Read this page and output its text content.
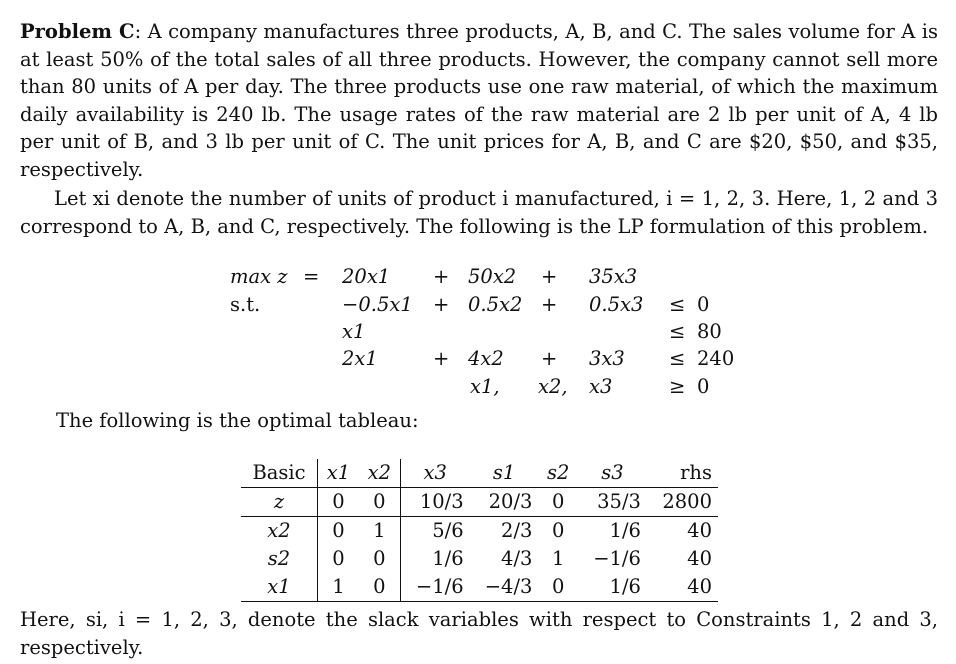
Problem C: A company manufactures three products, A, B, and C. The sales volume for A is at least 50% of the total sales of all three products. However, the company cannot sell more than 80 units of A per day. The three products use one raw material, of which the maximum daily availability is 240 lb. The usage rates of the raw material are 2 lb per unit of A, 4 lb per unit of B, and 3 lb per unit of C. The unit prices for A, B, and C are $20, $50, and $35, respectively.
Let xi denote the number of units of product i manufactured, i = 1, 2, 3. Here, 1, 2 and 3 correspond to A, B, and C, respectively. The following is the LP formulation of this problem.
max z = 20x1 + 50x2 + 35x3
s.t.	−0.5x1 + 0.5x2 + 0.5x3 ≤ 0
x1	≤ 80
2x1	+ 4x2 + 3x3 ≤ 240
x1, x2, x3	≥ 0
The following is the optimal tableau:
Basic	x1	x2	x3	s1	s2	s3	rhs
z	0	0	10/3	20/3	0	35/3	2800
x2	0	1	5/6	2/3	0	1/6	40
s2	0	0	1/6	4/3	1	−1/6	40
x1	1	0	−1/6	−4/3	0	1/6	40
Here, si, i = 1, 2, 3, denote the slack variables with respect to Constraints 1, 2 and 3, respectively.
